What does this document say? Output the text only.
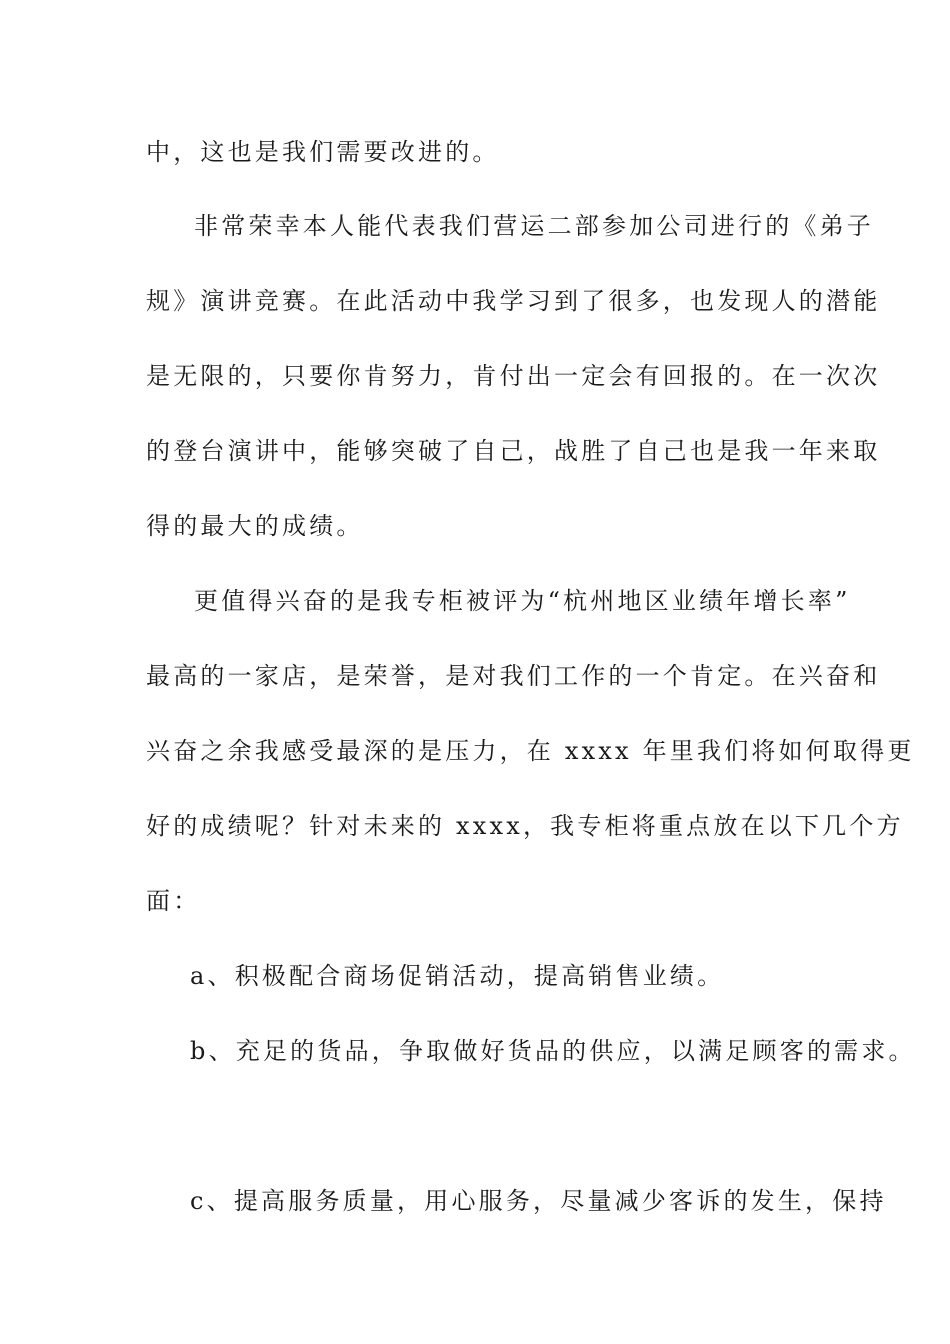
中，这也是我们需要改进的。
非常荣幸本人能代表我们营运二部参加公司进行的《弟子
规》演讲竞赛。在此活动中我学习到了很多，也发现人的潜能
是无限的，只要你肯努力，肯付出一定会有回报的。在一次次
的登台演讲中，能够突破了自己，战胜了自己也是我一年来取
得的最大的成绩。
更值得兴奋的是我专柜被评为“杭州地区业绩年增长率”
最高的一家店，是荣誉，是对我们工作的一个肯定。在兴奋和
兴奋之余我感受最深的是压力，在 xxxx 年里我们将如何取得更
好的成绩呢？针对未来的 xxxx，我专柜将重点放在以下几个方
面：
a、积极配合商场促销活动，提高销售业绩。
b、充足的货品，争取做好货品的供应，以满足顾客的需求。
c、提高服务质量，用心服务，尽量减少客诉的发生，保持
